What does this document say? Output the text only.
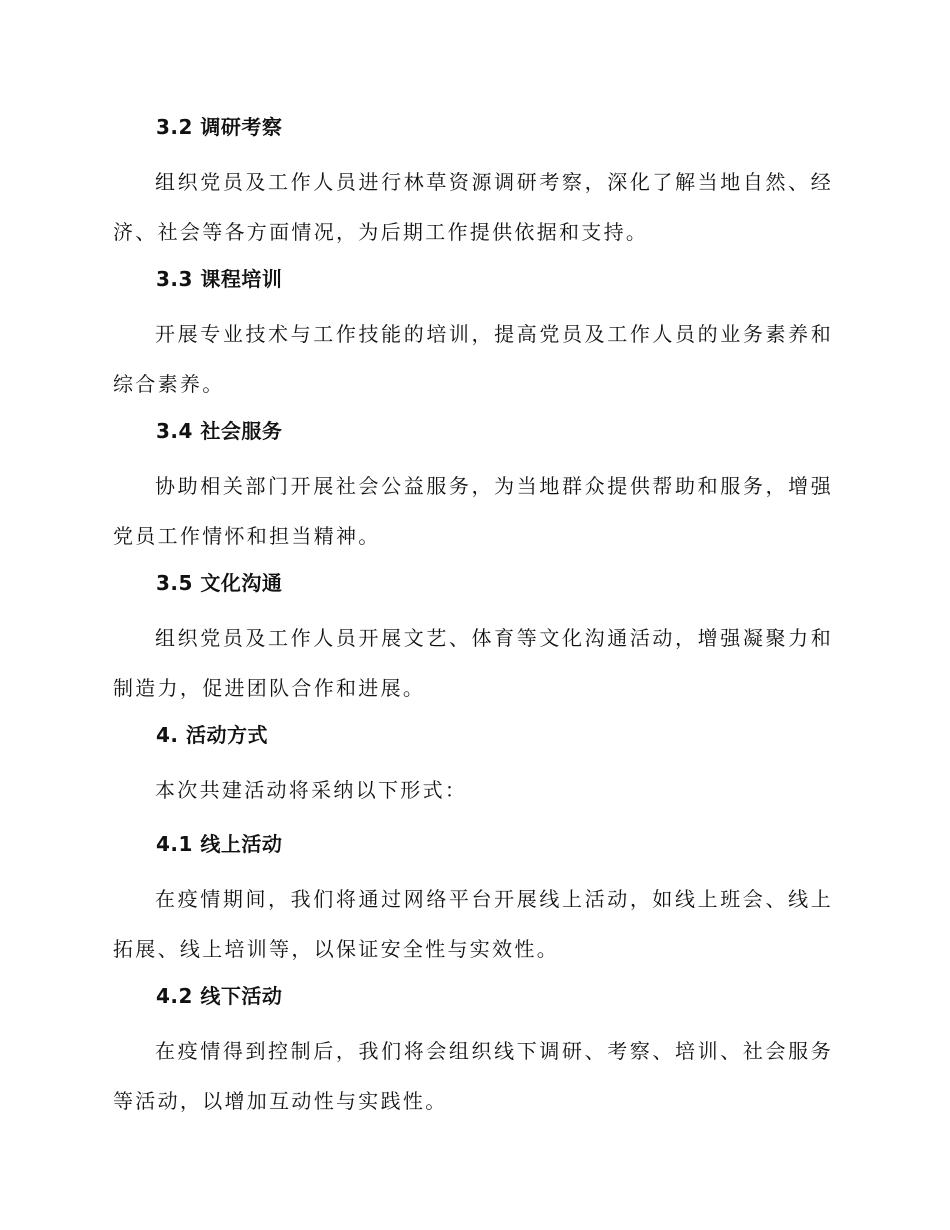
3.2 调研考察

组织党员及工作人员进行林草资源调研考察，深化了解当地自然、经济、社会等各方面情况，为后期工作提供依据和支持。

3.3 课程培训

开展专业技术与工作技能的培训，提高党员及工作人员的业务素养和综合素养。

3.4 社会服务

协助相关部门开展社会公益服务，为当地群众提供帮助和服务，增强党员工作情怀和担当精神。

3.5 文化沟通

组织党员及工作人员开展文艺、体育等文化沟通活动，增强凝聚力和制造力，促进团队合作和进展。

4. 活动方式

本次共建活动将采纳以下形式：

4.1 线上活动

在疫情期间，我们将通过网络平台开展线上活动，如线上班会、线上拓展、线上培训等，以保证安全性与实效性。

4.2 线下活动

在疫情得到控制后，我们将会组织线下调研、考察、培训、社会服务等活动，以增加互动性与实践性。
